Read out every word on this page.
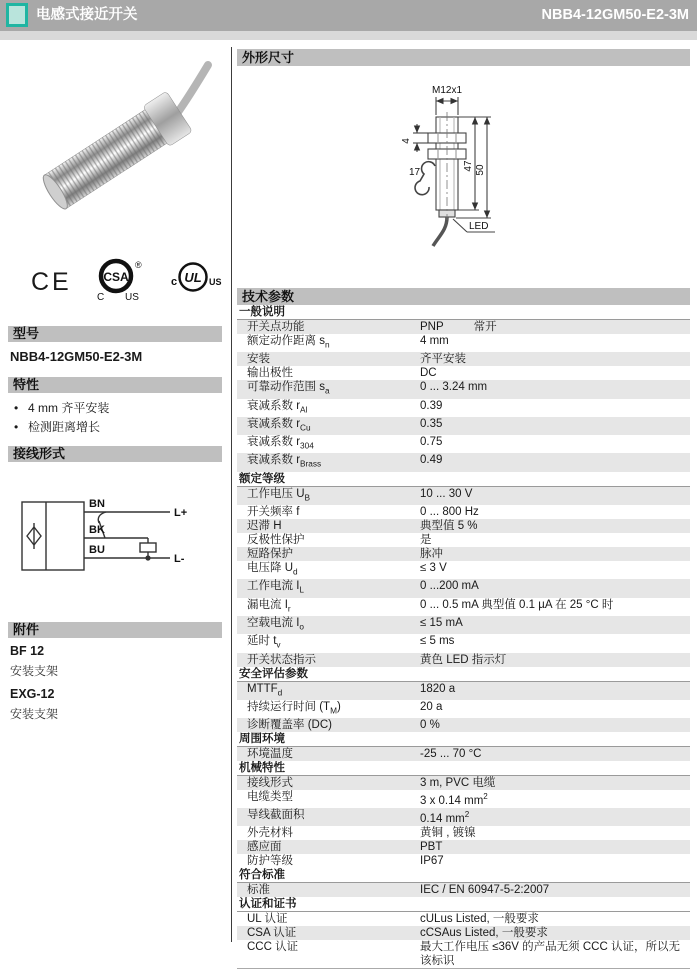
电感式接近开关	NBB4-12GM50-E2-3M
CE	CSA
®
C US
UL
c	US
型号
NBB4-12GM50-E2-3M
特性
• 4 mm 齐平安装
• 检测距离增长
接线形式
BN
BK
BU
L+
L-
附件
BF 12
安装支架
EXG-12
安装支架
外形尺寸
M12x1
4
17
47 50
LED
技术参数
一般说明
开关点功能	PNP	常开
额定动作距离 $s_n$	4 mm
安装	齐平安装
输出极性	DC
可靠动作范围 $s_a$	0 ... 3.24 mm
衰减系数 $r_{Al}$	0.39
衰减系数 $r_{Cu}$	0.35
衰减系数 $r_{304}$	0.75
衰减系数 $r_{Brass}$	0.49
额定等级
工作电压 $U_B$	10 ... 30 V
开关频率 f	0 ... 800 Hz
迟滞 H	典型值 5 %
反极性保护	是
短路保护	脉冲
电压降 $U_d$	≤ 3 V
工作电流 $I_L$	0 ...200 mA
漏电流 $I_r$	0 ... 0.5 mA 典型值 0.1 µA 在 25 °C 时
空载电流 $I_o$	≤ 15 mA
延时 $t_v$	≤ 5 ms
开关状态指示	黄色 LED 指示灯
安全评估参数
$MTTF_d$	1820 a
持续运行时间 $(T_M)$	20 a
诊断覆盖率 (DC)	0 %
周围环境
环境温度	-25 ... 70 °C
机械特性
接线形式	3 m, PVC 电缆
电缆类型	3 x 0.14 $mm^2$
导线截面积	0.14 $mm^2$
外壳材料	黄铜 , 镀镍
感应面	PBT
防护等级	IP67
符合标准
标准	IEC / EN 60947-5-2:2007
认证和证书
UL 认证	cULus Listed, 一般要求
CSA 认证	cCSAus Listed, 一般要求
CCC 认证	最大工作电压 ≤36V 的产品无须 CCC 认证，所以无该标识
